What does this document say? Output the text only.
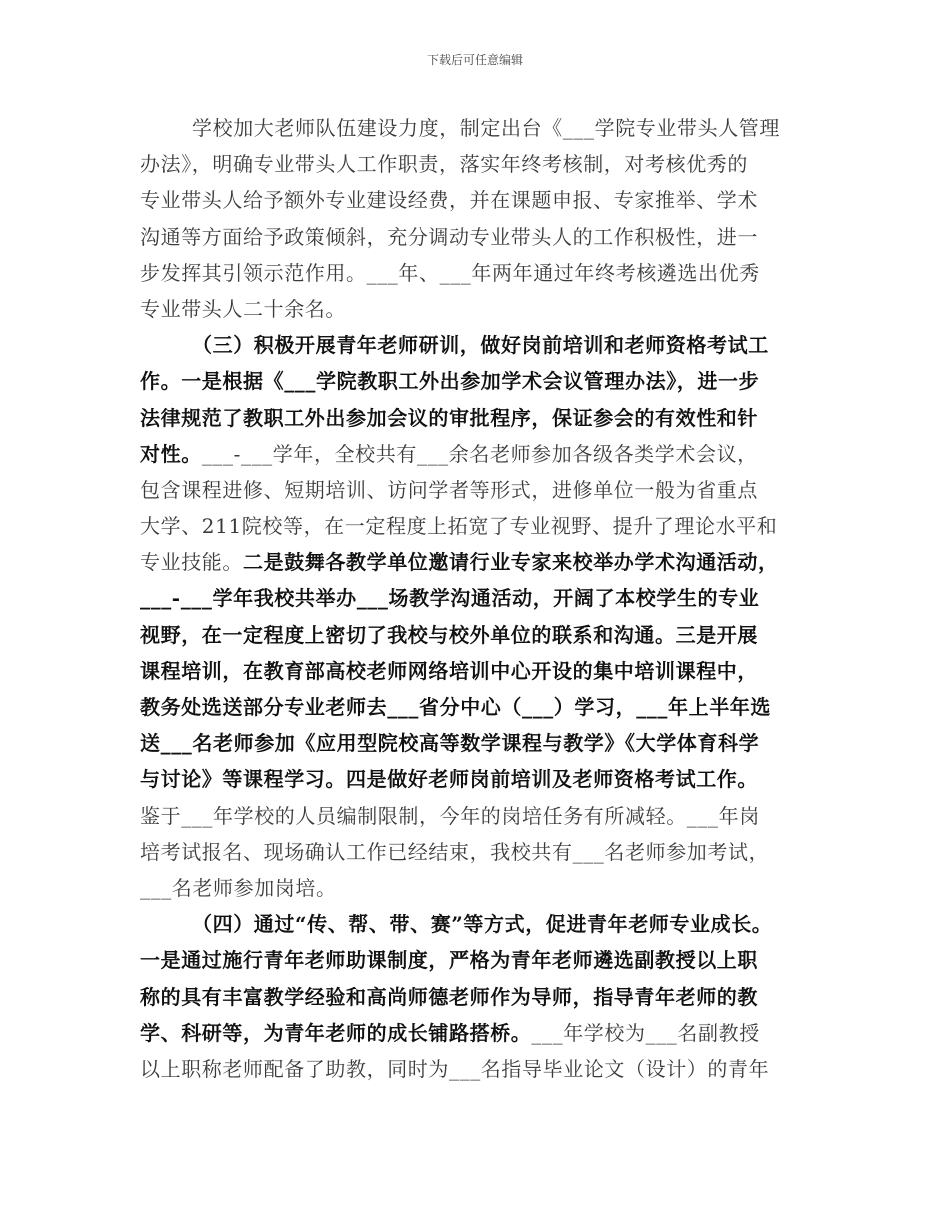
下载后可任意编辑
学校加大老师队伍建设力度，制定出台《___学院专业带头人管理
办法》，明确专业带头人工作职责，落实年终考核制，对考核优秀的
专业带头人给予额外专业建设经费，并在课题申报、专家推举、学术
沟通等方面给予政策倾斜，充分调动专业带头人的工作积极性，进一
步发挥其引领示范作用。___年、___年两年通过年终考核遴选出优秀
专业带头人二十余名。
（三）积极开展青年老师研训，做好岗前培训和老师资格考试工
作。一是根据《___学院教职工外出参加学术会议管理办法》，进一步
法律规范了教职工外出参加会议的审批程序，保证参会的有效性和针
对性。___-___学年，全校共有___余名老师参加各级各类学术会议，
包含课程进修、短期培训、访问学者等形式，进修单位一般为省重点
大学、211院校等，在一定程度上拓宽了专业视野、提升了理论水平和
专业技能。二是鼓舞各教学单位邀请行业专家来校举办学术沟通活动，
___-___学年我校共举办___场教学沟通活动，开阔了本校学生的专业
视野，在一定程度上密切了我校与校外单位的联系和沟通。三是开展
课程培训，在教育部高校老师网络培训中心开设的集中培训课程中，
教务处选送部分专业老师去___省分中心（___）学习，___年上半年选
送___名老师参加《应用型院校高等数学课程与教学》《大学体育科学
与讨论》等课程学习。四是做好老师岗前培训及老师资格考试工作。
鉴于___年学校的人员编制限制，今年的岗培任务有所减轻。___年岗
培考试报名、现场确认工作已经结束，我校共有___名老师参加考试，
___名老师参加岗培。
（四）通过“传、帮、带、赛”等方式，促进青年老师专业成长。
一是通过施行青年老师助课制度，严格为青年老师遴选副教授以上职
称的具有丰富教学经验和高尚师德老师作为导师，指导青年老师的教
学、科研等，为青年老师的成长铺路搭桥。___年学校为___名副教授
以上职称老师配备了助教，同时为___名指导毕业论文（设计）的青年
